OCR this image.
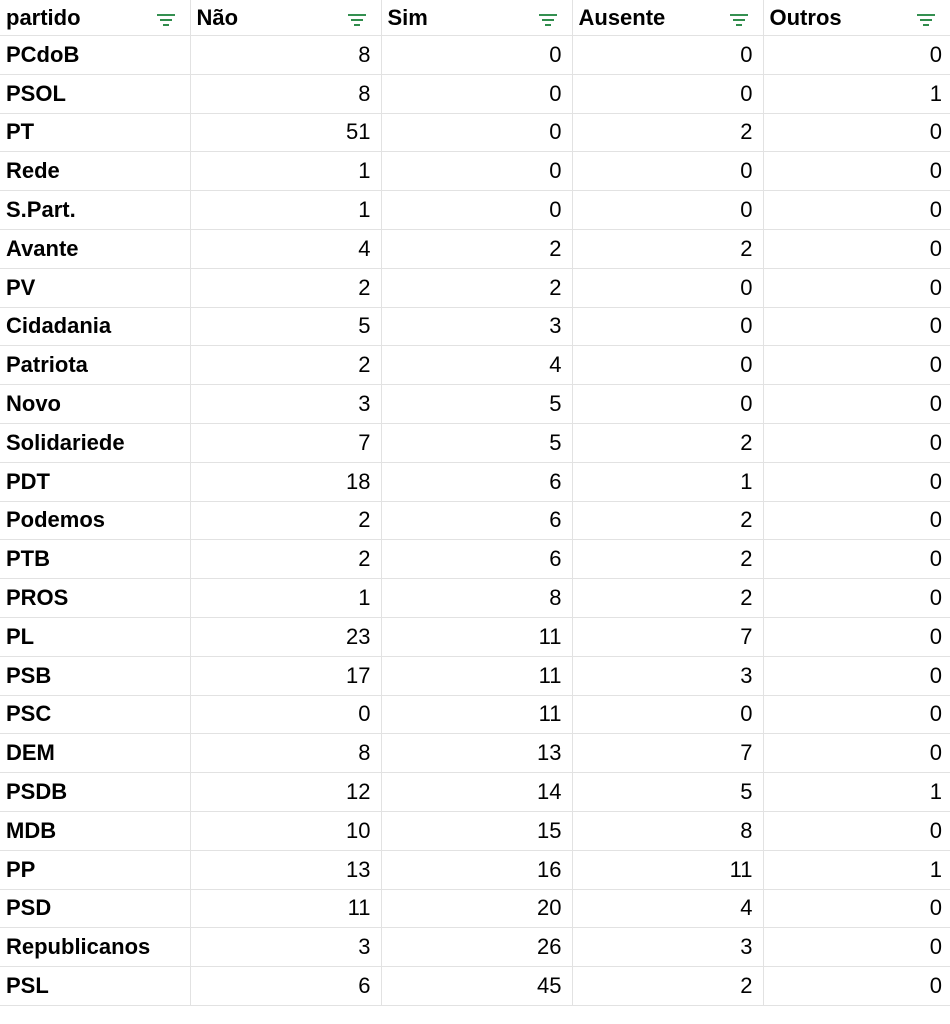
partido	Não	Sim	Ausente	Outros

PCdoB	8	0	0	0
PSOL	8	0	0	1
PT	51	0	2	0
Rede	1	0	0	0
S.Part.	1	0	0	0
Avante	4	2	2	0
PV	2	2	0	0
Cidadania	5	3	0	0
Patriota	2	4	0	0
Novo	3	5	0	0
Solidariede	7	5	2	0
PDT	18	6	1	0
Podemos	2	6	2	0
PTB	2	6	2	0
PROS	1	8	2	0
PL	23	11	7	0
PSB	17	11	3	0
PSC	0	11	0	0
DEM	8	13	7	0
PSDB	12	14	5	1
MDB	10	15	8	0
PP	13	16	11	1
PSD	11	20	4	0
Republicanos	3	26	3	0
PSL	6	45	2	0
